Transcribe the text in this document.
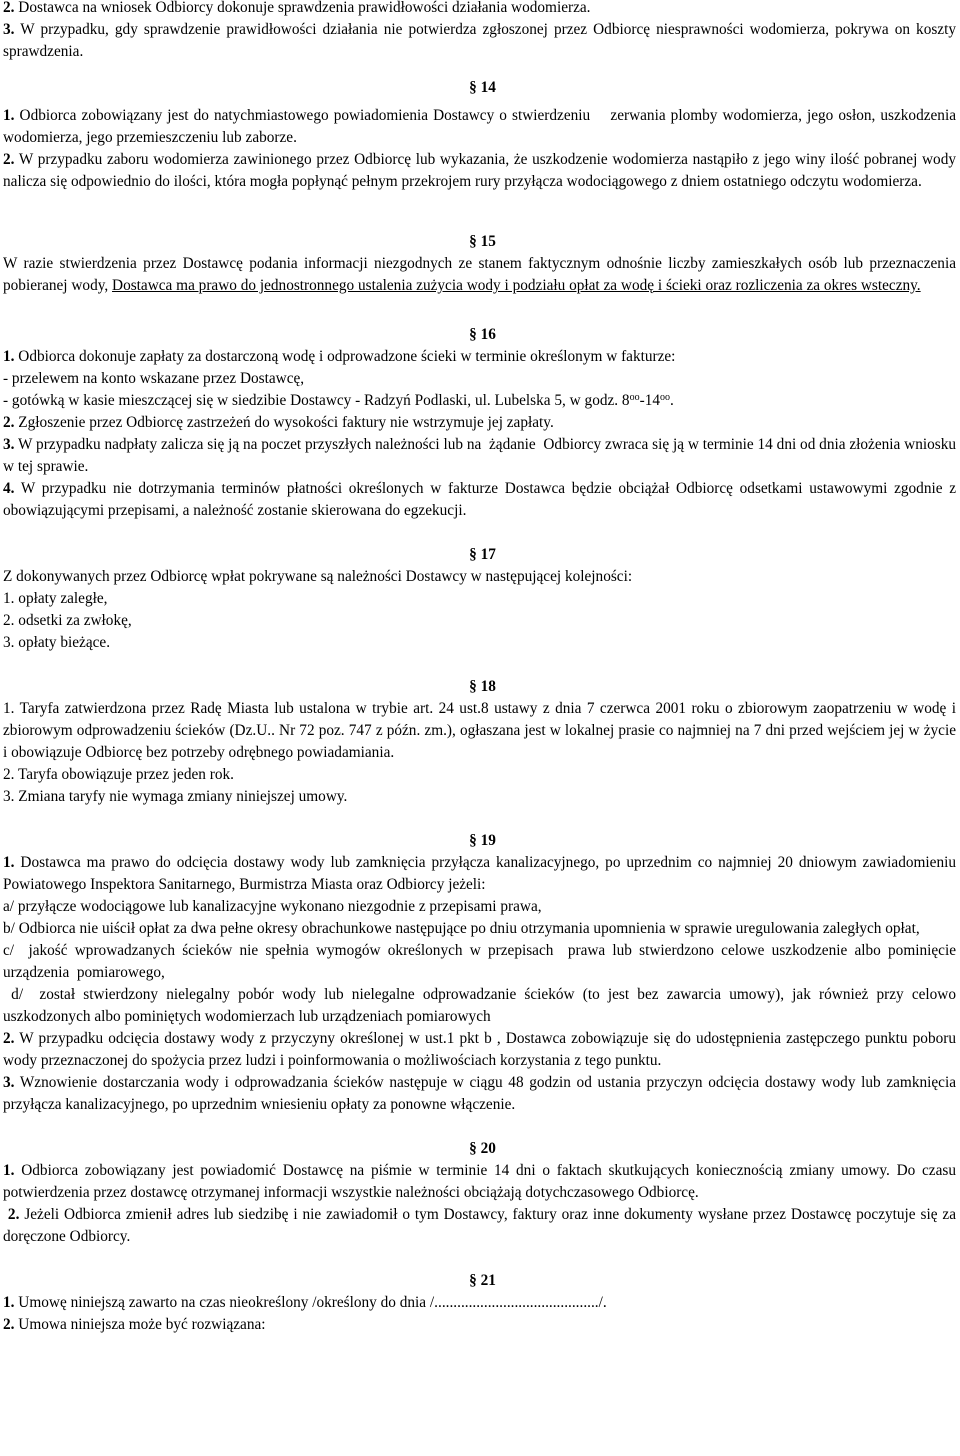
2. Dostawca na wniosek Odbiorcy dokonuje sprawdzenia prawidłowości działania wodomierza.

3. W przypadku, gdy sprawdzenie prawidłowości działania nie potwierdza zgłoszonej przez Odbiorcę niesprawności wodomierza, pokrywa on koszty sprawdzenia.

§ 14

1. Odbiorca zobowiązany jest do natychmiastowego powiadomienia Dostawcy o stwierdzeniu    zerwania plomby wodomierza, jego osłon, uszkodzenia wodomierza, jego przemieszczeniu lub zaborze.

2. W przypadku zaboru wodomierza zawinionego przez Odbiorcę lub wykazania, że uszkodzenie wodomierza nastąpiło z jego winy ilość pobranej wody nalicza się odpowiednio do ilości, która mogła popłynąć pełnym przekrojem rury przyłącza wodociągowego z dniem ostatniego odczytu wodomierza.

§ 15

W razie stwierdzenia przez Dostawcę podania informacji niezgodnych ze stanem faktycznym odnośnie liczby zamieszkałych osób lub przeznaczenia pobieranej wody, Dostawca ma prawo do jednostronnego ustalenia zużycia wody i podziału opłat za wodę i ścieki oraz rozliczenia za okres wsteczny.

§ 16

1. Odbiorca dokonuje zapłaty za dostarczoną wodę i odprowadzone ścieki w terminie określonym w fakturze:

- przelewem na konto wskazane przez Dostawcę,

- gotówką w kasie mieszczącej się w siedzibie Dostawcy - Radzyń Podlaski, ul. Lubelska 5, w godz. $8^{oo}-14^{oo}$.

2. Zgłoszenie przez Odbiorcę zastrzeżeń do wysokości faktury nie wstrzymuje jej zapłaty.

3. W przypadku nadpłaty zalicza się ją na poczet przyszłych należności lub na  żądanie  Odbiorcy zwraca się ją w terminie 14 dni od dnia złożenia wniosku w tej sprawie.

4. W przypadku nie dotrzymania terminów płatności określonych w fakturze Dostawca będzie obciążał Odbiorcę odsetkami ustawowymi zgodnie z obowiązującymi przepisami, a należność zostanie skierowana do egzekucji.

§ 17

Z dokonywanych przez Odbiorcę wpłat pokrywane są należności Dostawcy w następującej kolejności:

1. opłaty zaległe,

2. odsetki za zwłokę,

3. opłaty bieżące.

§ 18

1. Taryfa zatwierdzona przez Radę Miasta lub ustalona w trybie art. 24 ust.8 ustawy z dnia 7 czerwca 2001 roku o zbiorowym zaopatrzeniu w wodę i zbiorowym odprowadzeniu ścieków (Dz.U.. Nr 72 poz. 747 z późn. zm.), ogłaszana jest w lokalnej prasie co najmniej na 7 dni przed wejściem jej w życie i obowiązuje Odbiorcę bez potrzeby odrębnego powiadamiania.

2. Taryfa obowiązuje przez jeden rok.

3. Zmiana taryfy nie wymaga zmiany niniejszej umowy.

§ 19

1. Dostawca ma prawo do odcięcia dostawy wody lub zamknięcia przyłącza kanalizacyjnego, po uprzednim co najmniej 20 dniowym zawiadomieniu Powiatowego Inspektora Sanitarnego, Burmistrza Miasta oraz Odbiorcy jeżeli:

a/ przyłącze wodociągowe lub kanalizacyjne wykonano niezgodnie z przepisami prawa,

b/ Odbiorca nie uiścił opłat za dwa pełne okresy obrachunkowe następujące po dniu otrzymania upomnienia w sprawie uregulowania zaległych opłat,

c/  jakość wprowadzanych ścieków nie spełnia wymogów określonych w przepisach  prawa lub stwierdzono celowe uszkodzenie albo pominięcie urządzenia  pomiarowego,

d/  został stwierdzony nielegalny pobór wody lub nielegalne odprowadzanie ścieków (to jest bez zawarcia umowy), jak również przy celowo uszkodzonych albo pominiętych wodomierzach lub urządzeniach pomiarowych

2. W przypadku odcięcia dostawy wody z przyczyny określonej w ust.1 pkt b , Dostawca zobowiązuje się do udostępnienia zastępczego punktu poboru wody przeznaczonej do spożycia przez ludzi i poinformowania o możliwościach korzystania z tego punktu.

3. Wznowienie dostarczania wody i odprowadzania ścieków następuje w ciągu 48 godzin od ustania przyczyn odcięcia dostawy wody lub zamknięcia przyłącza kanalizacyjnego, po uprzednim wniesieniu opłaty za ponowne włączenie.

§ 20

1. Odbiorca zobowiązany jest powiadomić Dostawcę na piśmie w terminie 14 dni o faktach skutkujących koniecznością zmiany umowy. Do czasu potwierdzenia przez dostawcę otrzymanej informacji wszystkie należności obciążają dotychczasowego Odbiorcę.

2. Jeżeli Odbiorca zmienił adres lub siedzibę i nie zawiadomił o tym Dostawcy, faktury oraz inne dokumenty wysłane przez Dostawcę poczytuje się za doręczone Odbiorcy.

§ 21

1. Umowę niniejszą zawarto na czas nieokreślony /określony do dnia /.........................................../.

2. Umowa niniejsza może być rozwiązana:
